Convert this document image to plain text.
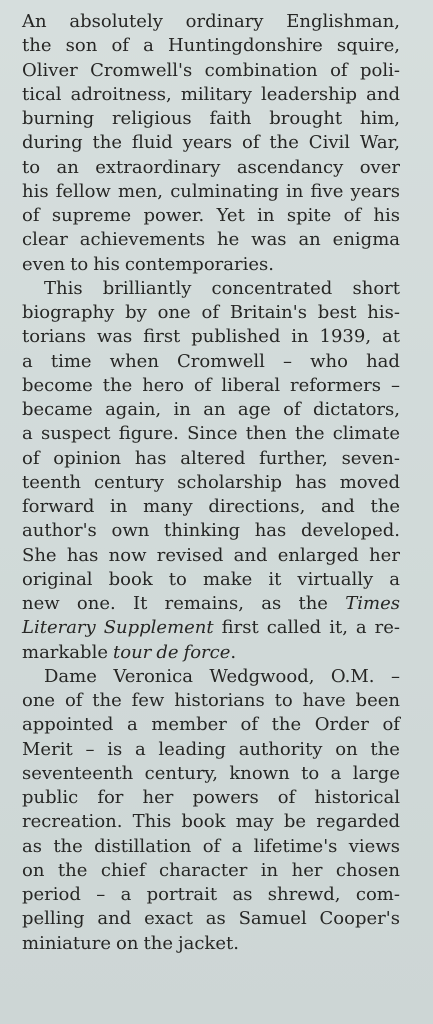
An absolutely ordinary Englishman,
the son of a Huntingdonshire squire,
Oliver Cromwell's combination of poli-
tical adroitness, military leadership and
burning religious faith brought him,
during the fluid years of the Civil War,
to an extraordinary ascendancy over
his fellow men, culminating in five years
of supreme power. Yet in spite of his
clear achievements he was an enigma
even to his contemporaries.
This brilliantly concentrated short
biography by one of Britain's best his-
torians was first published in 1939, at
a time when Cromwell – who had
become the hero of liberal reformers –
became again, in an age of dictators,
a suspect figure. Since then the climate
of opinion has altered further, seven-
teenth century scholarship has moved
forward in many directions, and the
author's own thinking has developed.
She has now revised and enlarged her
original book to make it virtually a
new one. It remains, as the Times
Literary Supplement first called it, a re-
markable tour de force.
Dame Veronica Wedgwood, O.M. –
one of the few historians to have been
appointed a member of the Order of
Merit – is a leading authority on the
seventeenth century, known to a large
public for her powers of historical
recreation. This book may be regarded
as the distillation of a lifetime's views
on the chief character in her chosen
period – a portrait as shrewd, com-
pelling and exact as Samuel Cooper's
miniature on the jacket.
